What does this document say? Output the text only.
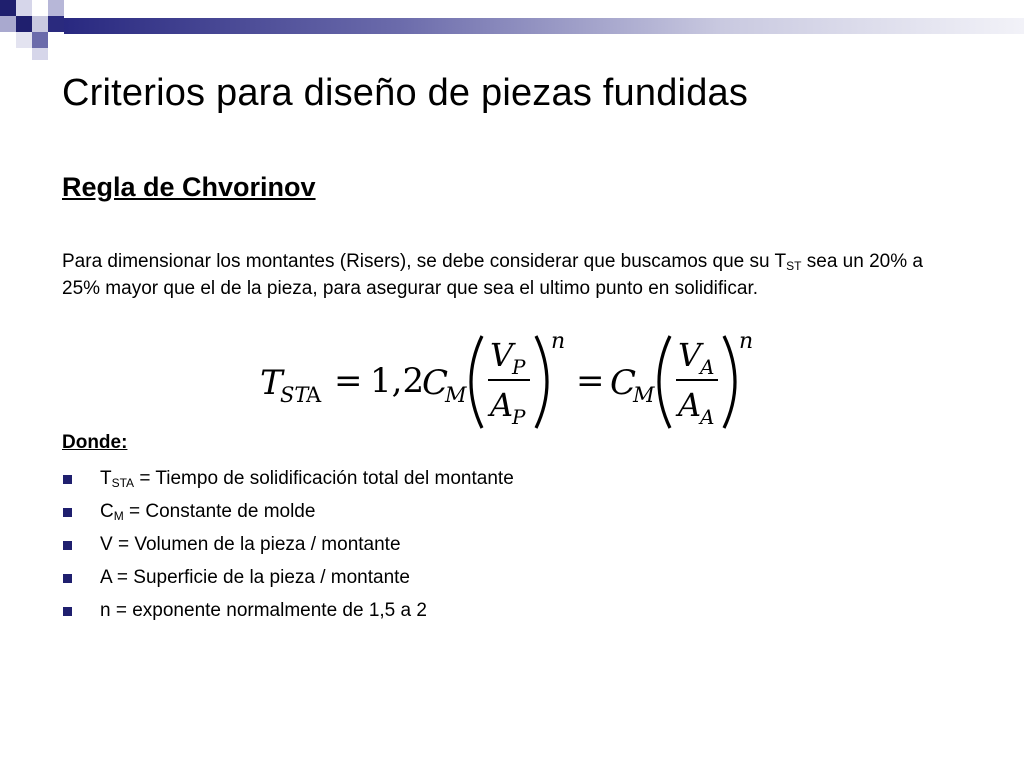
Criterios para diseño de piezas fundidas
Regla de Chvorinov

Para dimensionar los montantes (Risers), se debe considerar que buscamos que su $T_{ST}$ sea un 20% a 25% mayor que el de la pieza, para asegurar que sea el ultimo punto en solidificar.

T
ST
A = 1,2
C
M
V
P
A
P
n
= C
M
V
A
A
A
n

Donde:

$T_{STA}$ = Tiempo de solidificación total del montante
$C_M$ = Constante de molde
V = Volumen de la pieza / montante
A = Superficie de la pieza / montante
n = exponente normalmente de 1,5 a 2
